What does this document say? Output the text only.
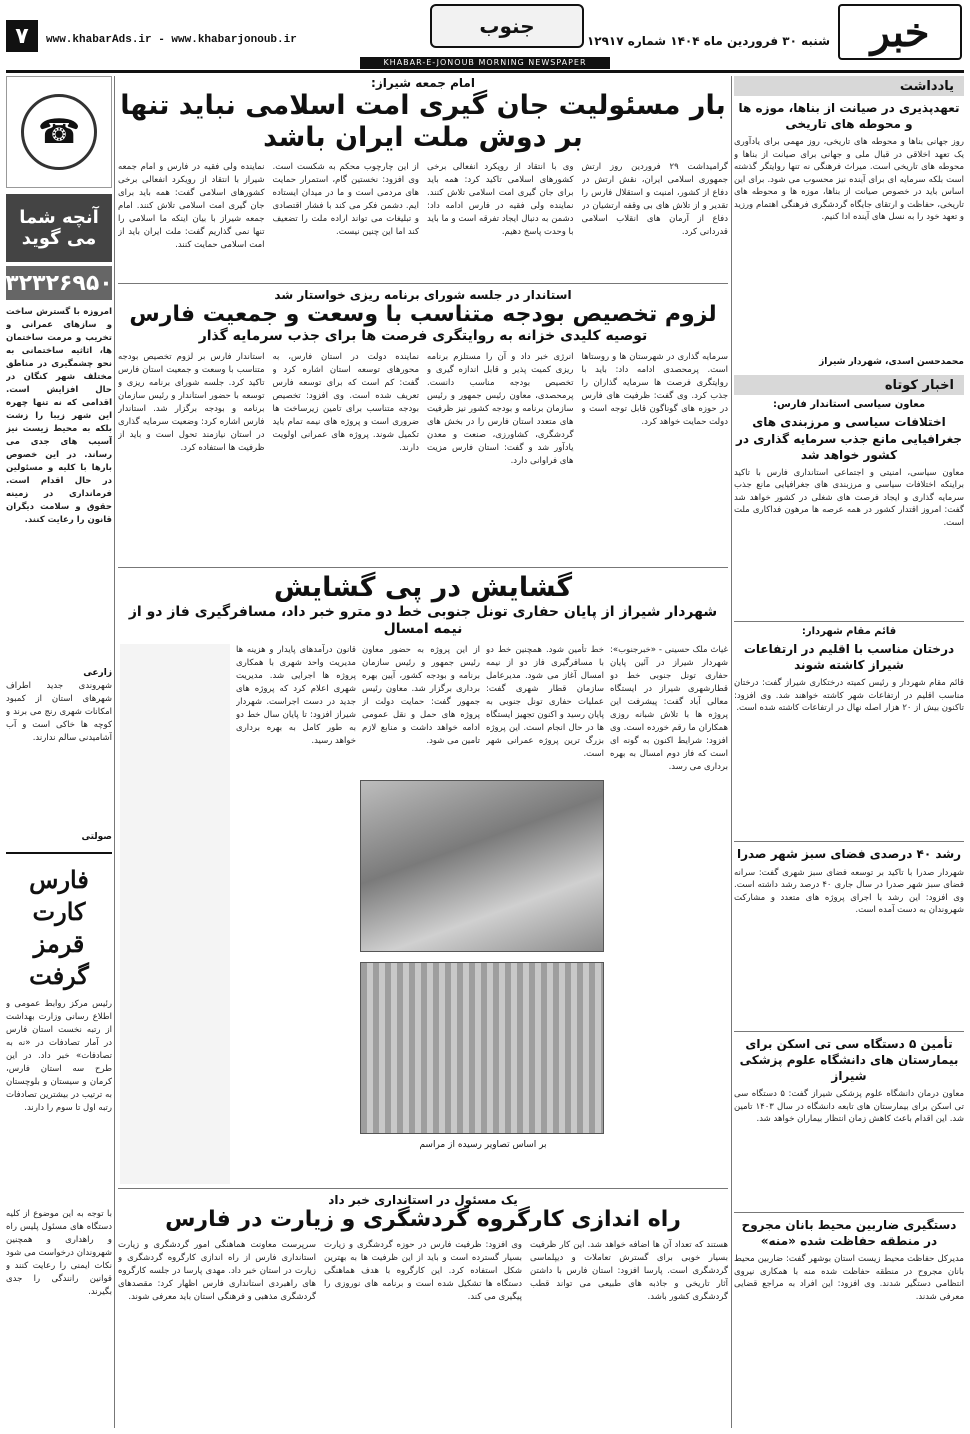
خبر
شنبه ۳۰ فروردین ماه ۱۴۰۴ شماره ۱۲۹۱۷
جنوب
www.khabarAds.ir - www.khabarjonoub.ir
۷
KHABAR-E-JONOUB MORNING NEWSPAPER
☎
آنچه شما
می گوید
۳۲۳۲۶۹۵۰
امروزه با گسترش ساخت و سازهای عمرانی و تخریب و مرمت ساختمان ها، اثاثیه ساختمانی به نحو چشمگیری در مناطق مختلف شهر کنگان در حال افزایش است. اقدامی که نه تنها چهره این شهر زیبا را زشت بلکه به محیط زیست نیز آسیب های جدی می رساند. در این خصوص بارها با کلیه و مسئولین در حال اقدام است. فرمانداری در زمینه حقوق و سلامت دیگران قانون را رعایت کنند.
زارعی
شهروندی جدید اطراف شهرهای استان از کمبود امکانات شهری رنج می برند و کوچه ها خاکی است و آب آشامیدنی سالم ندارند.
صولتی
فارس
کارت قرمز
گرفت
رئیس مرکز روابط عمومی و اطلاع رسانی وزارت بهداشت از رتبه نخست استان فارس در آمار تصادفات در «نه به تصادفات» خبر داد. در این طرح سه استان فارس، کرمان و سیستان و بلوچستان به ترتیب در بیشترین تصادفات رتبه اول تا سوم را دارند.
با توجه به این موضوع از کلیه دستگاه های مسئول پلیس راه و راهداری و همچنین شهروندان درخواست می شود نکات ایمنی را رعایت کنند و قوانین رانندگی را جدی بگیرند.
امام جمعه شیراز:
بار مسئولیت جان گیری امت اسلامی نباید تنها بر دوش ملت ایران باشد
نماینده ولی فقیه در فارس و امام جمعه شیراز با انتقاد از رویکرد انفعالی برخی کشورهای اسلامی گفت: همه باید برای جان گیری امت اسلامی تلاش کنند. امام جمعه شیراز با بیان اینکه ما اسلامی را تنها نمی گذاریم گفت: ملت ایران باید از امت اسلامی حمایت کنند.
از این چارچوب محکم به شکست است. وی افزود: نخستین گام، استمرار حمایت های مردمی است و ما در میدان ایستاده ایم. دشمن فکر می کند با فشار اقتصادی و تبلیغات می تواند اراده ملت را تضعیف کند اما این چنین نیست.
وی با انتقاد از رویکرد انفعالی برخی کشورهای اسلامی تاکید کرد: همه باید برای جان گیری امت اسلامی تلاش کنند. نماینده ولی فقیه در فارس ادامه داد: دشمن به دنبال ایجاد تفرقه است و ما باید با وحدت پاسخ دهیم.
گرامیداشت ۲۹ فروردین روز ارتش جمهوری اسلامی ایران، نقش ارتش در دفاع از کشور، امنیت و استقلال فارس را تقدیر و از تلاش های بی وقفه ارتشیان در دفاع از آرمان های انقلاب اسلامی قدردانی کرد.
استاندار در جلسه شورای برنامه ریزی خواستار شد
لزوم تخصیص بودجه متناسب با وسعت و جمعیت فارس
توصیه کلیدی خزانه به روایتگری فرصت ها برای جذب سرمایه گذار
استاندار فارس بر لزوم تخصیص بودجه متناسب با وسعت و جمعیت استان فارس تاکید کرد. جلسه شورای برنامه ریزی و توسعه با حضور استاندار و رئیس سازمان برنامه و بودجه برگزار شد. استاندار فارس اشاره کرد: وضعیت سرمایه گذاری در استان نیازمند تحول است و باید از ظرفیت ها استفاده کرد.
نماینده دولت در استان فارس، به محورهای توسعه استان اشاره کرد و گفت: کم است که برای توسعه فارس تعریف شده است. وی افزود: تخصیص بودجه متناسب برای تامین زیرساخت ها ضروری است و پروژه های نیمه تمام باید تکمیل شوند. پروژه های عمرانی اولویت دارند.
انرژی خبر داد و آن را مستلزم برنامه ریزی کمیت پذیر و قابل اندازه گیری و تخصیص بودجه مناسب دانست. پرمحصدی، معاون رئیس جمهور و رئیس سازمان برنامه و بودجه کشور نیز ظرفیت های متعدد استان فارس را در بخش های گردشگری، کشاورزی، صنعت و معدن یادآور شد و گفت: استان فارس مزیت های فراوانی دارد.
سرمایه گذاری در شهرستان ها و روستاها است. پرمحصدی ادامه داد: باید با روایتگری فرصت ها سرمایه گذاران را جذب کرد. وی گفت: ظرفیت های فارس در حوزه های گوناگون قابل توجه است و دولت حمایت خواهد کرد.
گشایش در پی گشایش
شهردار شیراز از پایان حفاری تونل جنوبی خط دو مترو خبر داد، مسافرگیری فاز دو از نیمه امسال
غیاث ملک حسینی - «خبرجنوب»: شهردار شیراز در آئین پایان حفاری تونل جنوبی خط دو قطارشهری شیراز در ایستگاه معالی آباد گفت: پیشرفت این پروژه ها با تلاش شبانه روزی همکاران ما رقم خورده است. وی افزود: شرایط اکنون به گونه ای است که فاز دوم امسال به بهره برداری می رسد.
خط تأمین شود. همچنین خط دو با مسافرگیری فاز دو از نیمه امسال آغاز می شود. مدیرعامل سازمان قطار شهری گفت: عملیات حفاری تونل جنوبی به پایان رسید و اکنون تجهیز ایستگاه ها در حال انجام است. این پروژه بزرگ ترین پروژه عمرانی شهر است.
از این پروژه به حضور معاون رئیس جمهور و رئیس سازمان برنامه و بودجه کشور، آیین بهره برداری برگزار شد. معاون رئیس جمهور گفت: حمایت دولت از پروژه های حمل و نقل عمومی ادامه خواهد داشت و منابع لازم تامین می شود.
قانون درآمدهای پایدار و هزینه ها مدیریت واحد شهری با همکاری پروژه ها اجرایی شد. مدیریت شهری اعلام کرد که پروژه های جدید در دست اجراست. شهردار شیراز افزود: تا پایان سال خط دو به طور کامل به بهره برداری خواهد رسید.
بر اساس تصاویر رسیده از مراسم
یک مسئول در استانداری خبر داد
راه اندازی کارگروه گردشگری و زیارت در فارس
سرپرست معاونت هماهنگی امور گردشگری و زیارت استانداری فارس از راه اندازی کارگروه گردشگری و زیارت در استان خبر داد. مهدی پارسا در جلسه کارگروه های راهبردی استانداری فارس اظهار کرد: مقصدهای گردشگری مذهبی و فرهنگی استان باید معرفی شوند.
وی افزود: ظرفیت فارس در حوزه گردشگری و زیارت بسیار گسترده است و باید از این ظرفیت ها به بهترین شکل استفاده کرد. این کارگروه با هدف هماهنگی دستگاه ها تشکیل شده است و برنامه های نوروزی را پیگیری می کند.
هستند که تعداد آن ها اضافه خواهد شد. این کار ظرفیت بسیار خوبی برای گسترش تعاملات و دیپلماسی گردشگری است. پارسا افزود: استان فارس با داشتن آثار تاریخی و جاذبه های طبیعی می تواند قطب گردشگری کشور باشد.
یادداشت
تعهدپذیری در صیانت از بناها، موزه ها و محوطه های تاریخی
روز جهانی بناها و محوطه های تاریخی، روز مهمی برای یادآوری یک تعهد اخلاقی در قبال ملی و جهانی برای صیانت از بناها و محوطه های تاریخی است. میراث فرهنگی نه تنها روایتگر گذشته است بلکه سرمایه ای برای آینده نیز محسوب می شود. برای این اساس باید در خصوص صیانت از بناها، موزه ها و محوطه های تاریخی، حفاظت و ارتقای جایگاه گردشگری فرهنگی اهتمام ورزید و تعهد خود را به نسل های آینده ادا کنیم.
محمدحسن اسدی، شهردار شیراز
اخبار کوتاه
معاون سیاسی استاندار فارس:
اختلافات سیاسی و مرزبندی های جغرافیایی مانع جذب سرمایه گذاری در کشور خواهد شد
معاون سیاسی، امنیتی و اجتماعی استانداری فارس با تاکید براینکه اختلافات سیاسی و مرزبندی های جغرافیایی مانع جذب سرمایه گذاری و ایجاد فرصت های شغلی در کشور خواهد شد گفت: امروز اقتدار کشور در همه عرصه ها مرهون فداکاری ملت است.
قائم مقام شهردار:
درختان مناسب با اقلیم در ارتفاعات شیراز کاشته شوند
قائم مقام شهردار و رئیس کمیته درختکاری شیراز گفت: درختان مناسب اقلیم در ارتفاعات شهر کاشته خواهند شد. وی افزود: تاکنون بیش از ۲۰ هزار اصله نهال در ارتفاعات کاشته شده است.
رشد ۴۰ درصدی فضای سبز شهر صدرا
شهردار صدرا با تاکید بر توسعه فضای سبز شهری گفت: سرانه فضای سبز شهر صدرا در سال جاری ۴۰ درصد رشد داشته است. وی افزود: این رشد با اجرای پروژه های متعدد و مشارکت شهروندان به دست آمده است.
تأمین ۵ دستگاه سی تی اسکن برای بیمارستان های دانشگاه علوم پزشکی شیراز
معاون درمان دانشگاه علوم پزشکی شیراز گفت: ۵ دستگاه سی تی اسکن برای بیمارستان های تابعه دانشگاه در سال ۱۴۰۳ تامین شد. این اقدام باعث کاهش زمان انتظار بیماران خواهد شد.
دستگیری ضاربین محیط بانان مجروح در منطقه حفاظت شده «منه»
مدیرکل حفاظت محیط زیست استان بوشهر گفت: ضاربین محیط بانان مجروح در منطقه حفاظت شده منه با همکاری نیروی انتظامی دستگیر شدند. وی افزود: این افراد به مراجع قضایی معرفی شدند.
